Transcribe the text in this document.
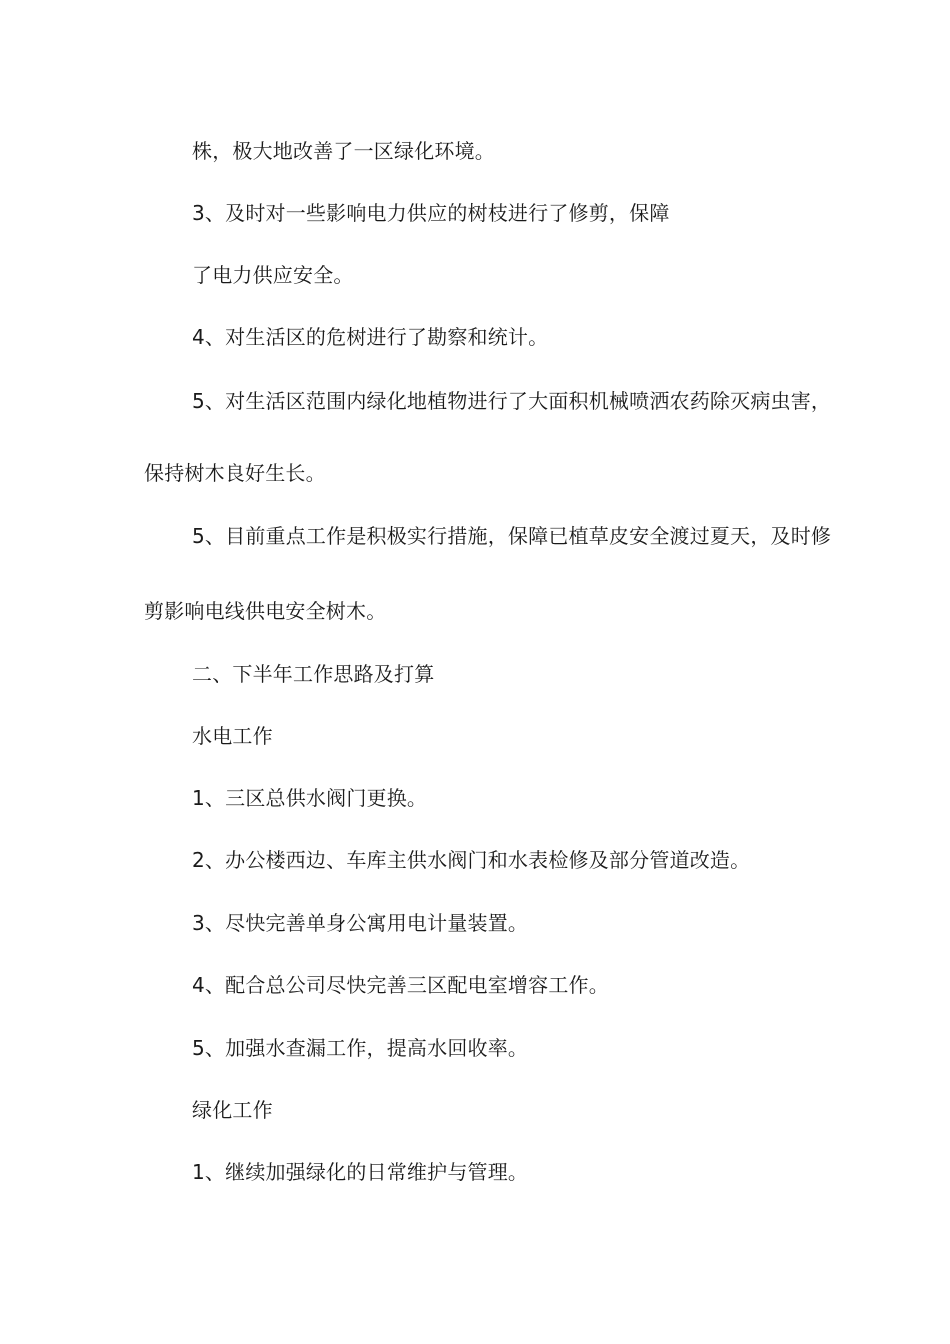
株，极大地改善了一区绿化环境。
3、及时对一些影响电力供应的树枝进行了修剪，保障
了电力供应安全。
4、对生活区的危树进行了勘察和统计。
5、对生活区范围内绿化地植物进行了大面积机械喷洒农药除灭病虫害，
保持树木良好生长。
5、目前重点工作是积极实行措施，保障已植草皮安全渡过夏天，及时修
剪影响电线供电安全树木。
二、下半年工作思路及打算
水电工作
1、三区总供水阀门更换。
2、办公楼西边、车库主供水阀门和水表检修及部分管道改造。
3、尽快完善单身公寓用电计量装置。
4、配合总公司尽快完善三区配电室增容工作。
5、加强水查漏工作，提高水回收率。
绿化工作
1、继续加强绿化的日常维护与管理。
